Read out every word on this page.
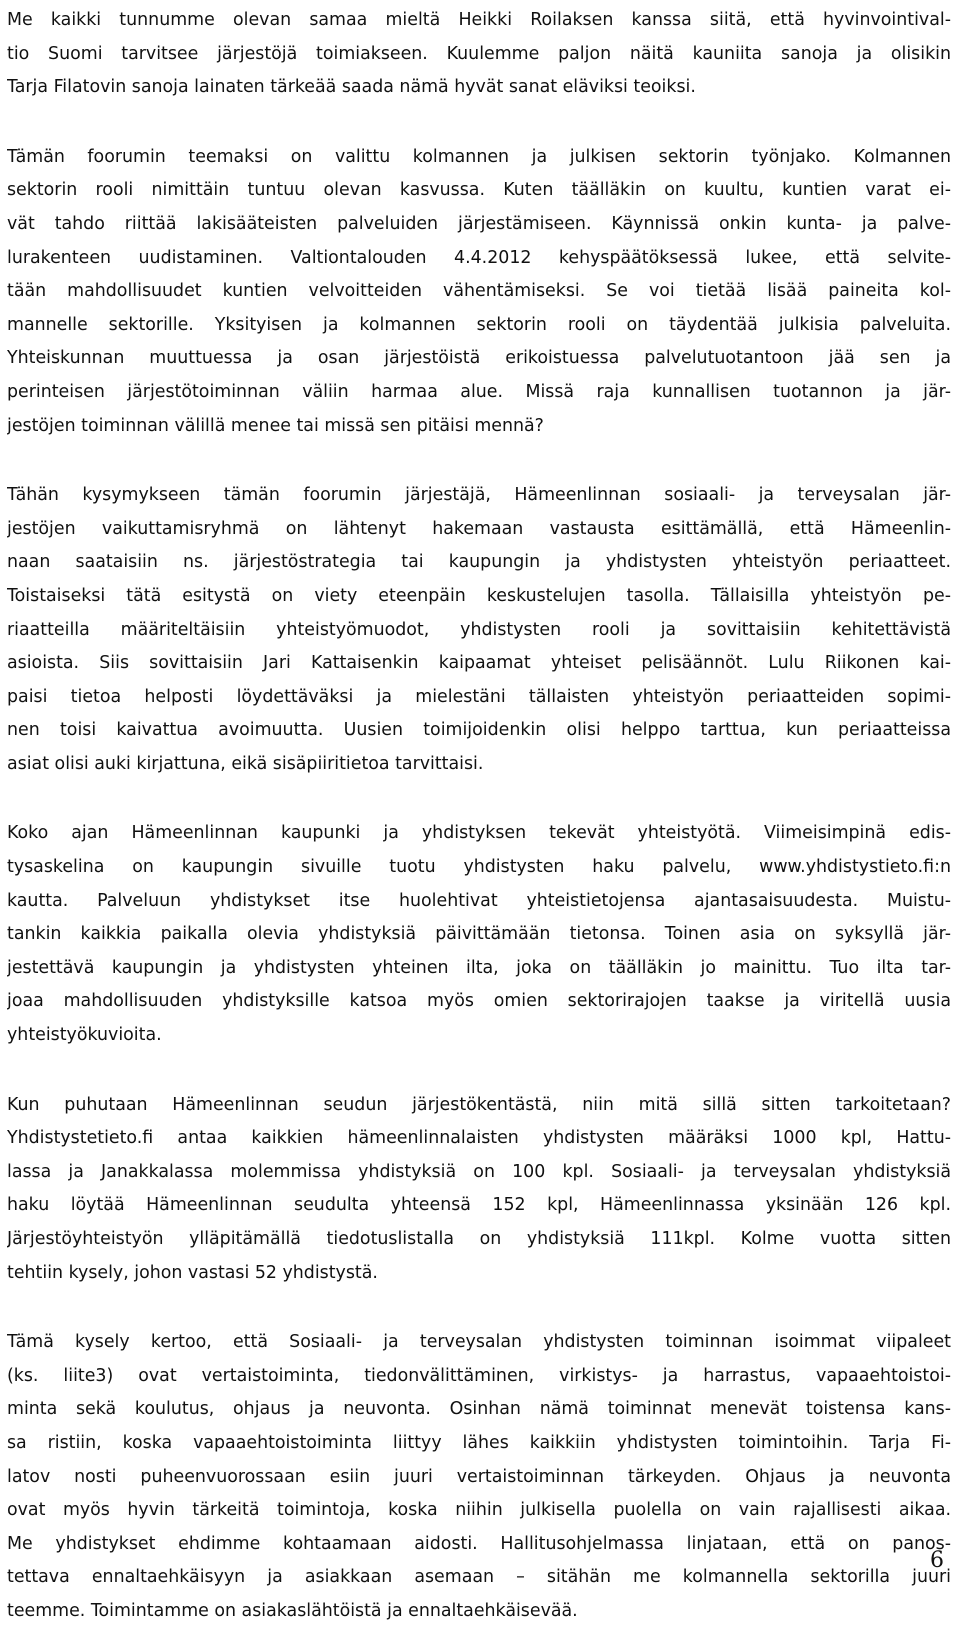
Me kaikki tunnumme olevan samaa mieltä Heikki Roilaksen kanssa siitä, että hyvinvointival-
tio Suomi tarvitsee järjestöjä toimiakseen. Kuulemme paljon näitä kauniita sanoja ja olisikin
Tarja Filatovin sanoja lainaten tärkeää saada nämä hyvät sanat eläviksi teoiksi.
Tämän foorumin teemaksi on valittu kolmannen ja julkisen sektorin työnjako. Kolmannen
sektorin rooli nimittäin tuntuu olevan kasvussa. Kuten täälläkin on kuultu, kuntien varat ei-
vät tahdo riittää lakisääteisten palveluiden järjestämiseen. Käynnissä onkin kunta- ja palve-
lurakenteen uudistaminen. Valtiontalouden 4.4.2012 kehyspäätöksessä lukee, että selvite-
tään mahdollisuudet kuntien velvoitteiden vähentämiseksi. Se voi tietää lisää paineita kol-
mannelle sektorille. Yksityisen ja kolmannen sektorin rooli on täydentää julkisia palveluita.
Yhteiskunnan muuttuessa ja osan järjestöistä erikoistuessa palvelutuotantoon jää sen ja
perinteisen järjestötoiminnan väliin harmaa alue. Missä raja kunnallisen tuotannon ja jär-
jestöjen toiminnan välillä menee tai missä sen pitäisi mennä?
Tähän kysymykseen tämän foorumin järjestäjä, Hämeenlinnan sosiaali- ja terveysalan jär-
jestöjen vaikuttamisryhmä on lähtenyt hakemaan vastausta esittämällä, että Hämeenlin-
naan saataisiin ns. järjestöstrategia tai kaupungin ja yhdistysten yhteistyön periaatteet.
Toistaiseksi tätä esitystä on viety eteenpäin keskustelujen tasolla. Tällaisilla yhteistyön pe-
riaatteilla määriteltäisiin yhteistyömuodot, yhdistysten rooli ja sovittaisiin kehitettävistä
asioista. Siis sovittaisiin Jari Kattaisenkin kaipaamat yhteiset pelisäännöt. Lulu Riikonen kai-
paisi tietoa helposti löydettäväksi ja mielestäni tällaisten yhteistyön periaatteiden sopimi-
nen toisi kaivattua avoimuutta. Uusien toimijoidenkin olisi helppo tarttua, kun periaatteissa
asiat olisi auki kirjattuna, eikä sisäpiiritietoa tarvittaisi.
Koko ajan Hämeenlinnan kaupunki ja yhdistyksen tekevät yhteistyötä. Viimeisimpinä edis-
tysaskelina on kaupungin sivuille tuotu yhdistysten haku palvelu, www.yhdistystieto.fi:n
kautta. Palveluun yhdistykset itse huolehtivat yhteistietojensa ajantasaisuudesta. Muistu-
tankin kaikkia paikalla olevia yhdistyksiä päivittämään tietonsa. Toinen asia on syksyllä jär-
jestettävä kaupungin ja yhdistysten yhteinen ilta, joka on täälläkin jo mainittu. Tuo ilta tar-
joaa mahdollisuuden yhdistyksille katsoa myös omien sektorirajojen taakse ja viritellä uusia
yhteistyökuvioita.
Kun puhutaan Hämeenlinnan seudun järjestökentästä, niin mitä sillä sitten tarkoitetaan?
Yhdistystetieto.fi antaa kaikkien hämeenlinnalaisten yhdistysten määräksi 1000 kpl, Hattu-
lassa ja Janakkalassa molemmissa yhdistyksiä on 100 kpl. Sosiaali- ja terveysalan yhdistyksiä
haku löytää Hämeenlinnan seudulta yhteensä 152 kpl, Hämeenlinnassa yksinään 126 kpl.
Järjestöyhteistyön ylläpitämällä tiedotuslistalla on yhdistyksiä 111kpl. Kolme vuotta sitten
tehtiin kysely, johon vastasi 52 yhdistystä.
Tämä kysely kertoo, että Sosiaali- ja terveysalan yhdistysten toiminnan isoimmat viipaleet
(ks. liite3) ovat vertaistoiminta, tiedonvälittäminen, virkistys- ja harrastus, vapaaehtoistoi-
minta sekä koulutus, ohjaus ja neuvonta. Osinhan nämä toiminnat menevät toistensa kans-
sa ristiin, koska vapaaehtoistoiminta liittyy lähes kaikkiin yhdistysten toimintoihin. Tarja Fi-
latov nosti puheenvuorossaan esiin juuri vertaistoiminnan tärkeyden. Ohjaus ja neuvonta
ovat myös hyvin tärkeitä toimintoja, koska niihin julkisella puolella on vain rajallisesti aikaa.
Me yhdistykset ehdimme kohtaamaan aidosti. Hallitusohjelmassa linjataan, että on panos-
tettava ennaltaehkäisyyn ja asiakkaan asemaan – sitähän me kolmannella sektorilla juuri
teemme. Toimintamme on asiakaslähtöistä ja ennaltaehkäisevää.
6
